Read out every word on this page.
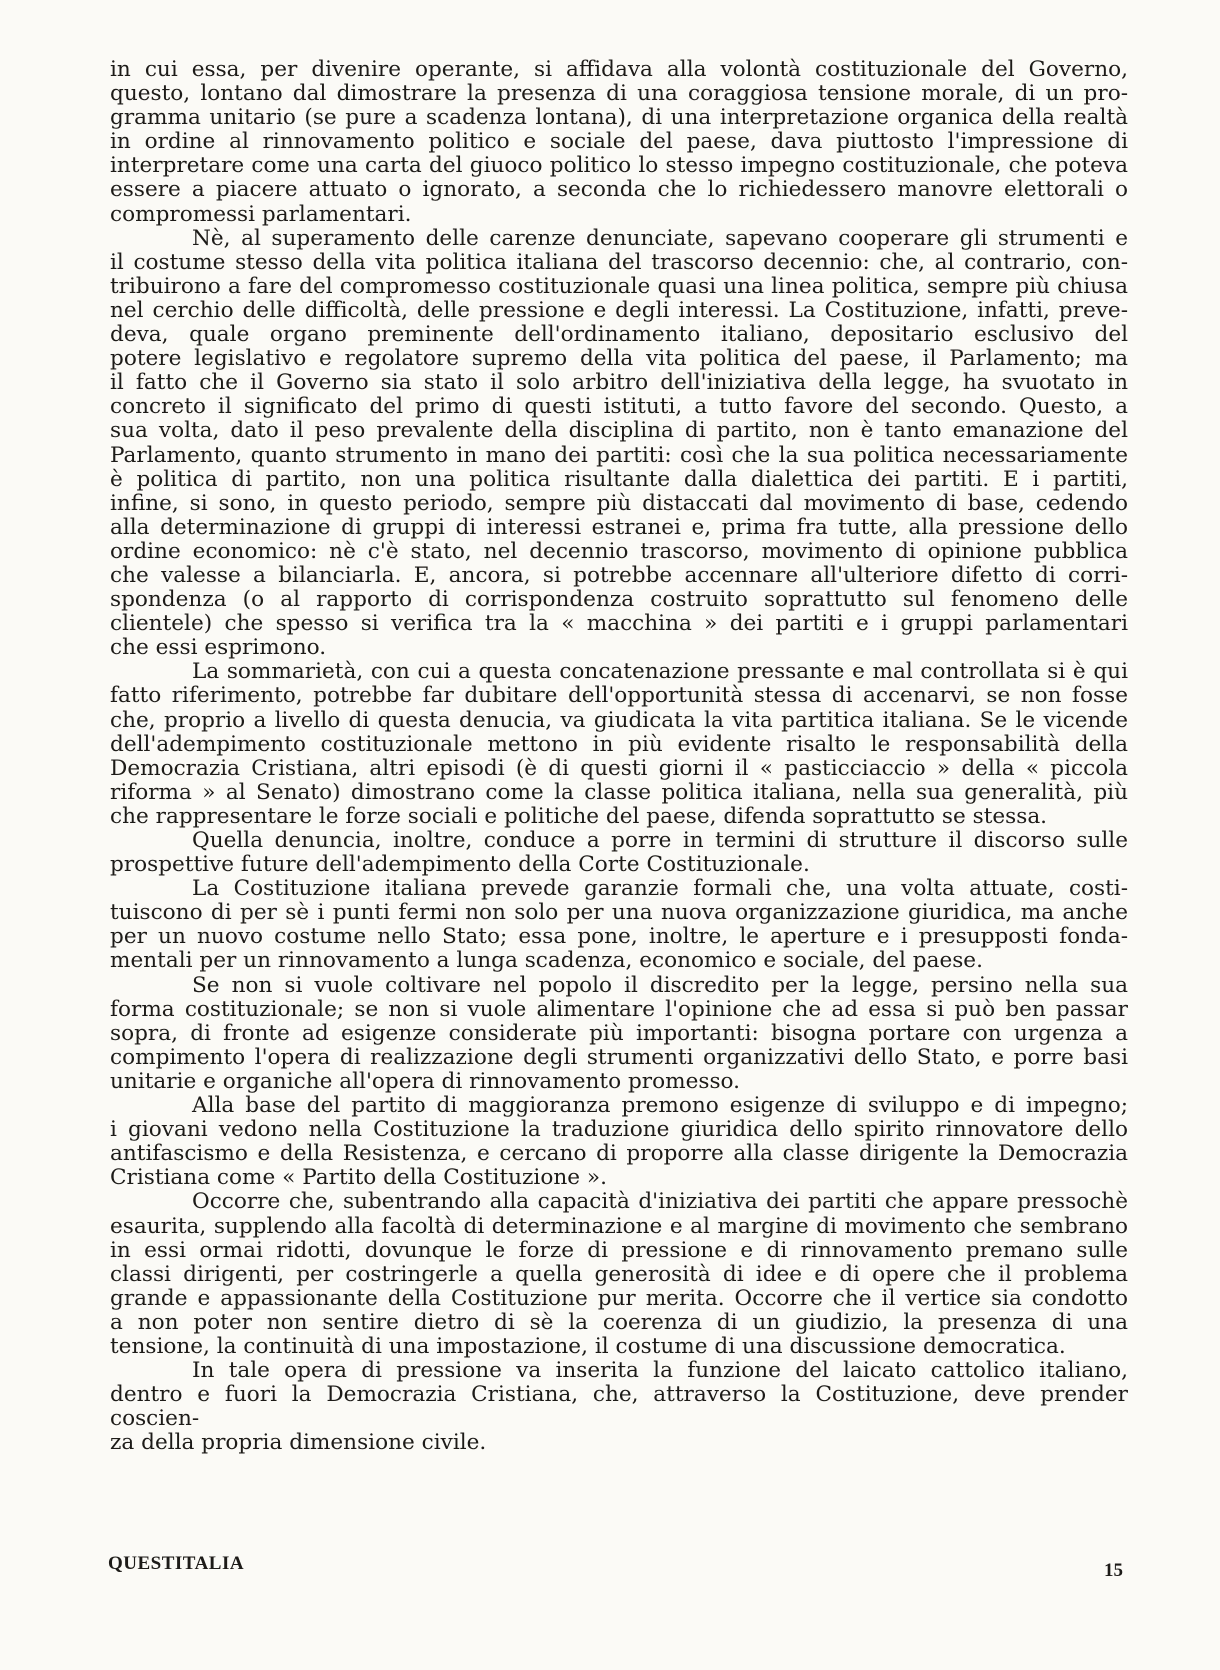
in cui essa, per divenire operante, si affidava alla volontà costituzionale del Governo,
questo, lontano dal dimostrare la presenza di una coraggiosa tensione morale, di un pro-
gramma unitario (se pure a scadenza lontana), di una interpretazione organica della realtà
in ordine al rinnovamento politico e sociale del paese, dava piuttosto l'impressione di
interpretare come una carta del giuoco politico lo stesso impegno costituzionale, che poteva
essere a piacere attuato o ignorato, a seconda che lo richiedessero manovre elettorali o
compromessi parlamentari.
Nè, al superamento delle carenze denunciate, sapevano cooperare gli strumenti e
il costume stesso della vita politica italiana del trascorso decennio: che, al contrario, con-
tribuirono a fare del compromesso costituzionale quasi una linea politica, sempre più chiusa
nel cerchio delle difficoltà, delle pressione e degli interessi. La Costituzione, infatti, preve-
deva, quale organo preminente dell'ordinamento italiano, depositario esclusivo del
potere legislativo e regolatore supremo della vita politica del paese, il Parlamento; ma
il fatto che il Governo sia stato il solo arbitro dell'iniziativa della legge, ha svuotato in
concreto il significato del primo di questi istituti, a tutto favore del secondo. Questo, a
sua volta, dato il peso prevalente della disciplina di partito, non è tanto emanazione del
Parlamento, quanto strumento in mano dei partiti: così che la sua politica necessariamente
è politica di partito, non una politica risultante dalla dialettica dei partiti. E i partiti,
infine, si sono, in questo periodo, sempre più distaccati dal movimento di base, cedendo
alla determinazione di gruppi di interessi estranei e, prima fra tutte, alla pressione dello
ordine economico: nè c'è stato, nel decennio trascorso, movimento di opinione pubblica
che valesse a bilanciarla. E, ancora, si potrebbe accennare all'ulteriore difetto di corri-
spondenza (o al rapporto di corrispondenza costruito soprattutto sul fenomeno delle
clientele) che spesso si verifica tra la « macchina » dei partiti e i gruppi parlamentari
che essi esprimono.
La sommarietà, con cui a questa concatenazione pressante e mal controllata si è qui
fatto riferimento, potrebbe far dubitare dell'opportunità stessa di accenarvi, se non fosse
che, proprio a livello di questa denucia, va giudicata la vita partitica italiana. Se le vicende
dell'adempimento costituzionale mettono in più evidente risalto le responsabilità della
Democrazia Cristiana, altri episodi (è di questi giorni il « pasticciaccio » della « piccola
riforma » al Senato) dimostrano come la classe politica italiana, nella sua generalità, più
che rappresentare le forze sociali e politiche del paese, difenda soprattutto se stessa.
Quella denuncia, inoltre, conduce a porre in termini di strutture il discorso sulle
prospettive future dell'adempimento della Corte Costituzionale.
La Costituzione italiana prevede garanzie formali che, una volta attuate, costi-
tuiscono di per sè i punti fermi non solo per una nuova organizzazione giuridica, ma anche
per un nuovo costume nello Stato; essa pone, inoltre, le aperture e i presupposti fonda-
mentali per un rinnovamento a lunga scadenza, economico e sociale, del paese.
Se non si vuole coltivare nel popolo il discredito per la legge, persino nella sua
forma costituzionale; se non si vuole alimentare l'opinione che ad essa si può ben passar
sopra, di fronte ad esigenze considerate più importanti: bisogna portare con urgenza a
compimento l'opera di realizzazione degli strumenti organizzativi dello Stato, e porre basi
unitarie e organiche all'opera di rinnovamento promesso.
Alla base del partito di maggioranza premono esigenze di sviluppo e di impegno;
i giovani vedono nella Costituzione la traduzione giuridica dello spirito rinnovatore dello
antifascismo e della Resistenza, e cercano di proporre alla classe dirigente la Democrazia
Cristiana come « Partito della Costituzione ».
Occorre che, subentrando alla capacità d'iniziativa dei partiti che appare pressochè
esaurita, supplendo alla facoltà di determinazione e al margine di movimento che sembrano
in essi ormai ridotti, dovunque le forze di pressione e di rinnovamento premano sulle
classi dirigenti, per costringerle a quella generosità di idee e di opere che il problema
grande e appassionante della Costituzione pur merita. Occorre che il vertice sia condotto
a non poter non sentire dietro di sè la coerenza di un giudizio, la presenza di una
tensione, la continuità di una impostazione, il costume di una discussione democratica.
In tale opera di pressione va inserita la funzione del laicato cattolico italiano,
dentro e fuori la Democrazia Cristiana, che, attraverso la Costituzione, deve prender coscien-
za della propria dimensione civile.
QUESTITALIA	15
